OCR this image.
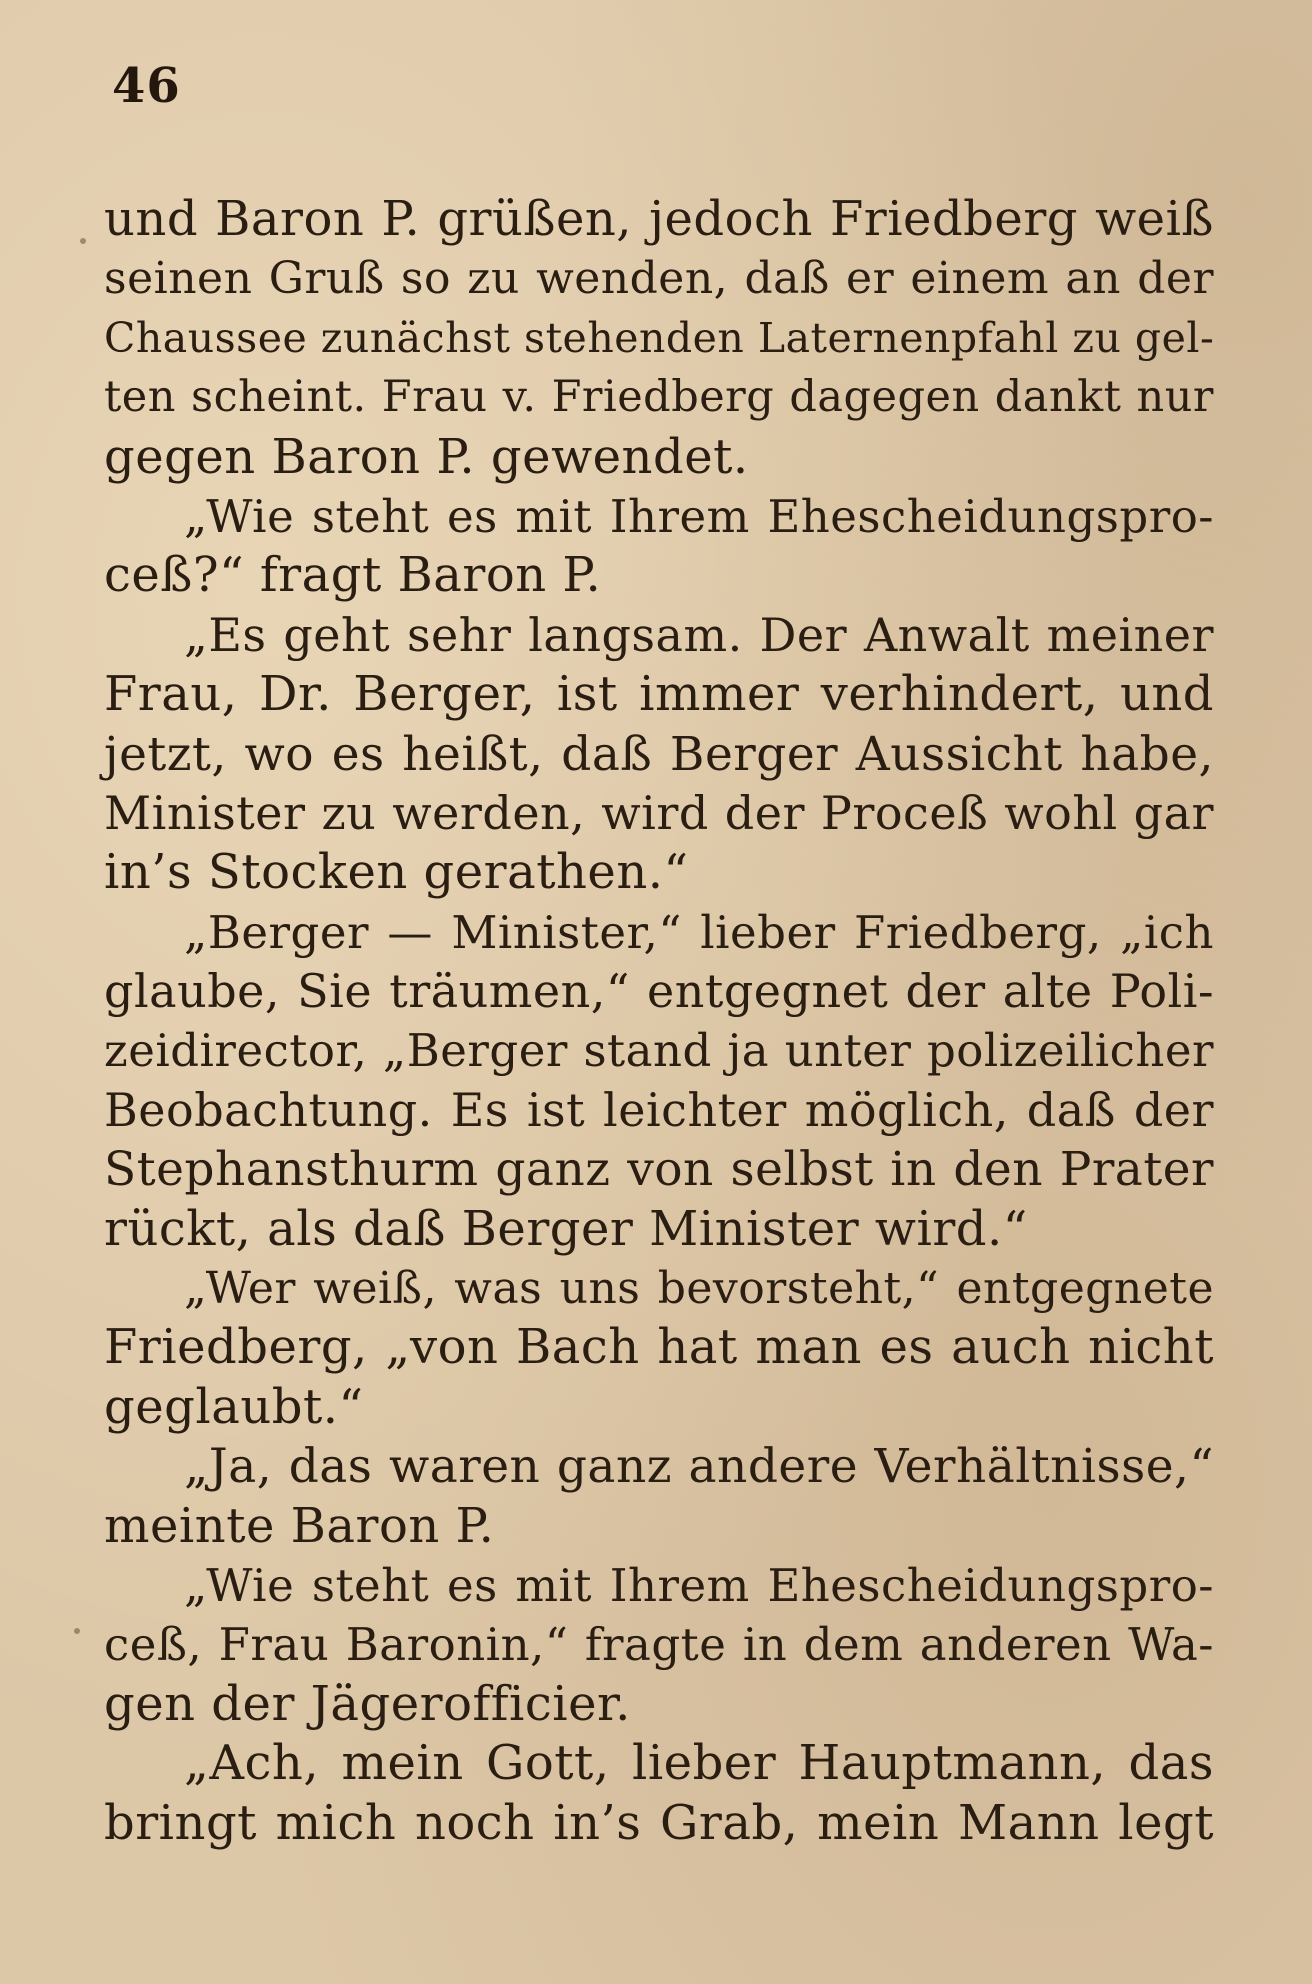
46
und Baron P. grüßen, jedoch Friedberg weiß
seinen Gruß so zu wenden, daß er einem an der
Chaussee zunächst stehenden Laternenpfahl zu gel-
ten scheint. Frau v. Friedberg dagegen dankt nur
gegen Baron P. gewendet.
„Wie steht es mit Ihrem Ehescheidungspro-
ceß?“ fragt Baron P.
„Es geht sehr langsam. Der Anwalt meiner
Frau, Dr. Berger, ist immer verhindert, und
jetzt, wo es heißt, daß Berger Aussicht habe,
Minister zu werden, wird der Proceß wohl gar
in’s Stocken gerathen.“
„Berger — Minister,“ lieber Friedberg, „ich
glaube, Sie träumen,“ entgegnet der alte Poli-
zeidirector, „Berger stand ja unter polizeilicher
Beobachtung. Es ist leichter möglich, daß der
Stephansthurm ganz von selbst in den Prater
rückt, als daß Berger Minister wird.“
„Wer weiß, was uns bevorsteht,“ entgegnete
Friedberg, „von Bach hat man es auch nicht
geglaubt.“
„Ja, das waren ganz andere Verhältnisse,“
meinte Baron P.
„Wie steht es mit Ihrem Ehescheidungspro-
ceß, Frau Baronin,“ fragte in dem anderen Wa-
gen der Jägerofficier.
„Ach, mein Gott, lieber Hauptmann, das
bringt mich noch in’s Grab, mein Mann legt
